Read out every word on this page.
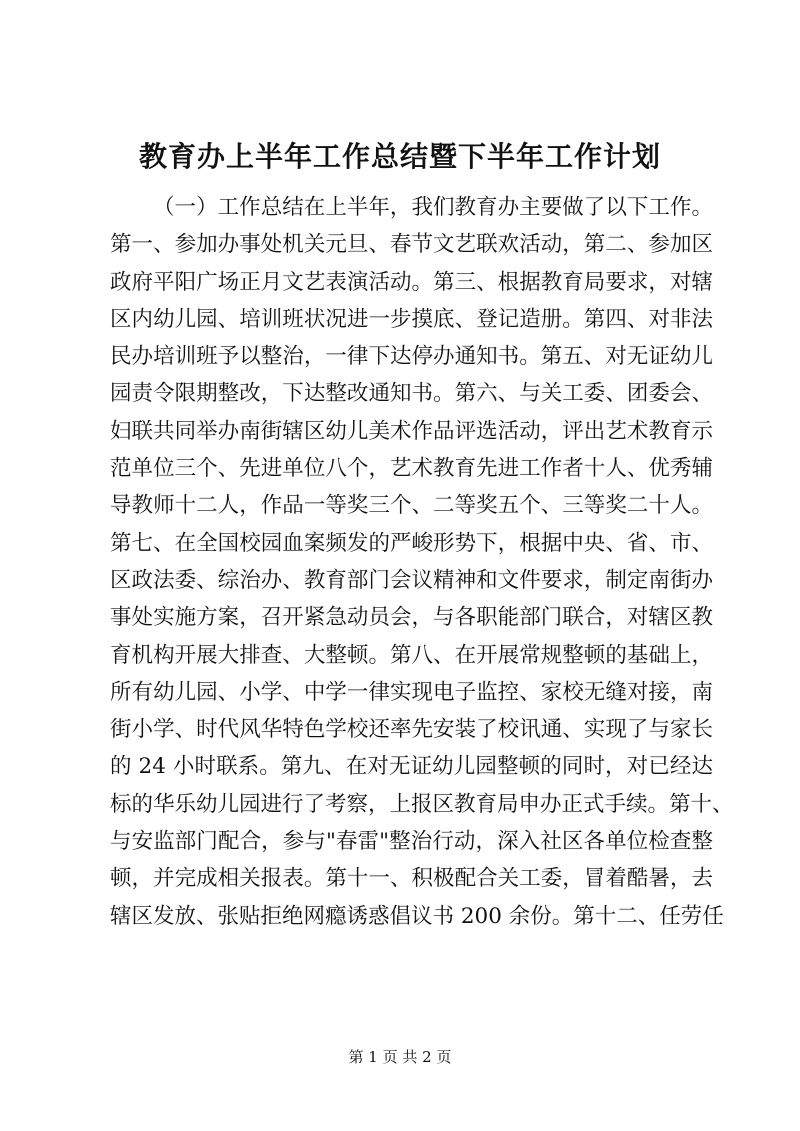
教育办上半年工作总结暨下半年工作计划
（一）工作总结在上半年，我们教育办主要做了以下工作。
第一、参加办事处机关元旦、春节文艺联欢活动，第二、参加区
政府平阳广场正月文艺表演活动。第三、根据教育局要求，对辖
区内幼儿园、培训班状况进一步摸底、登记造册。第四、对非法
民办培训班予以整治，一律下达停办通知书。第五、对无证幼儿
园责令限期整改，下达整改通知书。第六、与关工委、团委会、
妇联共同举办南街辖区幼儿美术作品评选活动，评出艺术教育示
范单位三个、先进单位八个，艺术教育先进工作者十人、优秀辅
导教师十二人，作品一等奖三个、二等奖五个、三等奖二十人。
第七、在全国校园血案频发的严峻形势下，根据中央、省、市、
区政法委、综治办、教育部门会议精神和文件要求，制定南街办
事处实施方案，召开紧急动员会，与各职能部门联合，对辖区教
育机构开展大排查、大整顿。第八、在开展常规整顿的基础上，
所有幼儿园、小学、中学一律实现电子监控、家校无缝对接，南
街小学、时代风华特色学校还率先安装了校讯通、实现了与家长
的 24 小时联系。第九、在对无证幼儿园整顿的同时，对已经达
标的华乐幼儿园进行了考察，上报区教育局申办正式手续。第十、
与安监部门配合，参与"春雷"整治行动，深入社区各单位检查整
顿，并完成相关报表。第十一、积极配合关工委，冒着酷暑，去
辖区发放、张贴拒绝网瘾诱惑倡议书 200 余份。第十二、任劳任
第 1 页 共 2 页
